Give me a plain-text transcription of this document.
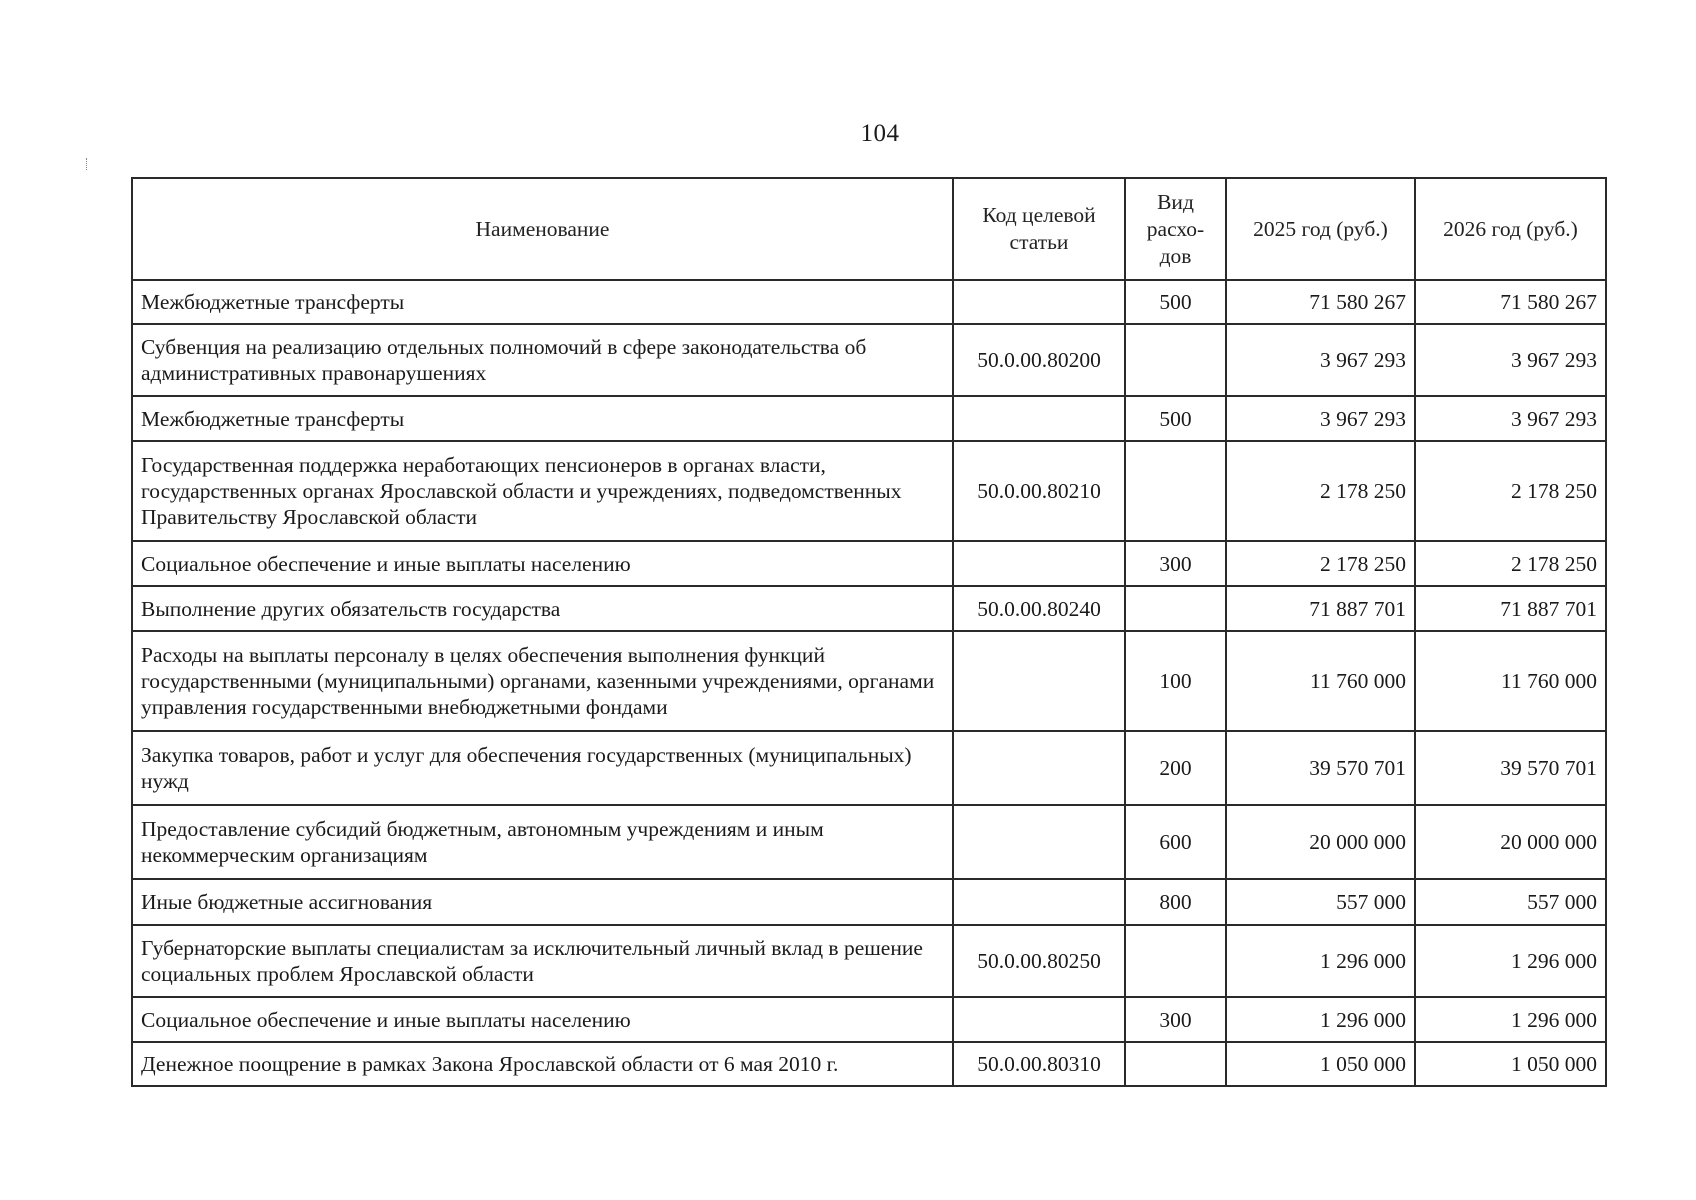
104
Наименование	Код целевой статьи	Вид расхо-дов	2025 год (руб.)	2026 год (руб.)
Межбюджетные трансферты		500	71 580 267	71 580 267
Субвенция на реализацию отдельных полномочий в сфере законодательства об административных правонарушениях	50.0.00.80200		3 967 293	3 967 293
Межбюджетные трансферты		500	3 967 293	3 967 293
Государственная поддержка неработающих пенсионеров в органах власти, государственных органах Ярославской области и учреждениях, подведомственных Правительству Ярославской области	50.0.00.80210		2 178 250	2 178 250
Социальное обеспечение и иные выплаты населению		300	2 178 250	2 178 250
Выполнение других обязательств государства	50.0.00.80240		71 887 701	71 887 701
Расходы на выплаты персоналу в целях обеспечения выполнения функций государственными (муниципальными) органами, казенными учреждениями, органами управления государственными внебюджетными фондами		100	11 760 000	11 760 000
Закупка товаров, работ и услуг для обеспечения государственных (муниципальных) нужд		200	39 570 701	39 570 701
Предоставление субсидий бюджетным, автономным учреждениям и иным некоммерческим организациям		600	20 000 000	20 000 000
Иные бюджетные ассигнования		800	557 000	557 000
Губернаторские выплаты специалистам за исключительный личный вклад в решение социальных проблем Ярославской области	50.0.00.80250		1 296 000	1 296 000
Социальное обеспечение и иные выплаты населению		300	1 296 000	1 296 000
Денежное поощрение в рамках Закона Ярославской области от 6 мая 2010 г.	50.0.00.80310		1 050 000	1 050 000
